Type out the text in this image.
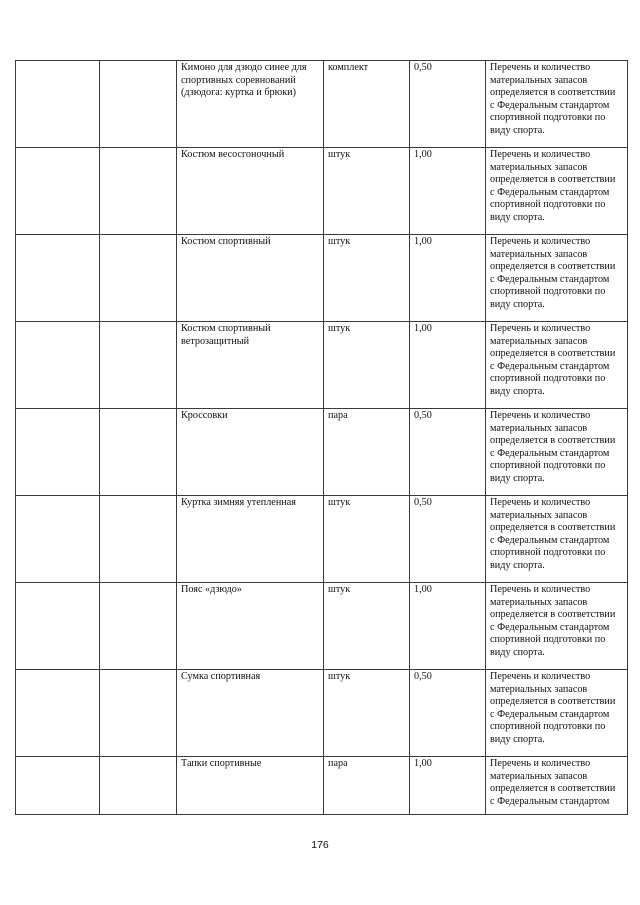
		Кимоно для дзюдо синее для спортивных соревнований (дзюдога: куртка и брюки)	комплект	0,50	Перечень и количество материальных запасов определяется в соответствии с Федеральным стандартом спортивной подготовки по виду спорта.

		Костюм весосгоночный	штук	1,00	Перечень и количество материальных запасов определяется в соответствии с Федеральным стандартом спортивной подготовки по виду спорта.

		Костюм спортивный	штук	1,00	Перечень и количество материальных запасов определяется в соответствии с Федеральным стандартом спортивной подготовки по виду спорта.

		Костюм спортивный ветрозащитный	штук	1,00	Перечень и количество материальных запасов определяется в соответствии с Федеральным стандартом спортивной подготовки по виду спорта.

		Кроссовки	пара	0,50	Перечень и количество материальных запасов определяется в соответствии с Федеральным стандартом спортивной подготовки по виду спорта.

		Куртка зимняя утепленная	штук	0,50	Перечень и количество материальных запасов определяется в соответствии с Федеральным стандартом спортивной подготовки по виду спорта.

		Пояс «дзюдо»	штук	1,00	Перечень и количество материальных запасов определяется в соответствии с Федеральным стандартом спортивной подготовки по виду спорта.

		Сумка спортивная	штук	0,50	Перечень и количество материальных запасов определяется в соответствии с Федеральным стандартом спортивной подготовки по виду спорта.

		Тапки спортивные	пара	1,00	Перечень и количество материальных запасов определяется в соответствии с Федеральным стандартом
176
